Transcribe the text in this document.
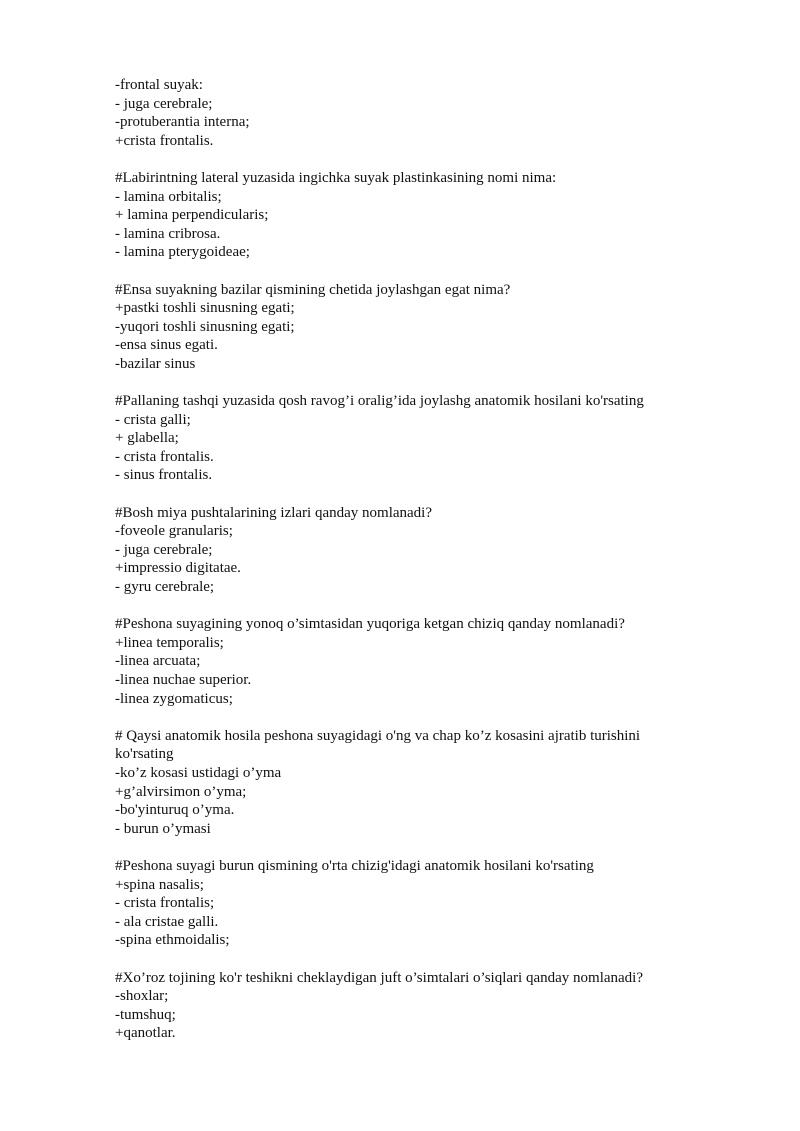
-frontal suyak:

- juga cerebrale;

-protuberantia interna;

+crista frontalis.

#Labirintning lateral yuzasida ingichka suyak plastinkasining nomi nima:

- lamina orbitalis;

+ lamina perpendicularis;

- lamina cribrosa.

- lamina pterygoideae;

#Ensa suyakning bazilar qismining chetida joylashgan egat nima?

+pastki toshli sinusning egati;

-yuqori toshli sinusning egati;

-ensa sinus egati.

-bazilar sinus

#Pallaning tashqi yuzasida qosh ravog’i oralig’ida joylashg anatomik hosilani ko'rsating

- crista galli;

+ glabella;

- crista frontalis.

- sinus frontalis.

#Bosh miya pushtalarining izlari qanday nomlanadi?

-foveole granularis;

- juga cerebrale;

+impressio digitatae.

- gyru cerebrale;

#Peshona suyagining yonoq o’simtasidan yuqoriga ketgan chiziq qanday nomlanadi?

+linea temporalis;

-linea arcuata;

-linea nuchae superior.

-linea zygomaticus;

# Qaysi anatomik hosila peshona suyagidagi o'ng va chap ko’z kosasini ajratib turishini

ko'rsating

-ko’z kosasi ustidagi o’yma

+g’alvirsimon o’yma;

-bo'yinturuq o’yma.

- burun o’ymasi

#Peshona suyagi burun qismining o'rta chizig'idagi anatomik hosilani ko'rsating

+spina nasalis;

- crista frontalis;

- ala cristae galli.

-spina ethmoidalis;

#Xo’roz tojining ko'r teshikni cheklaydigan juft o’simtalari o’siqlari qanday nomlanadi?

-shoxlar;

-tumshuq;

+qanotlar.
